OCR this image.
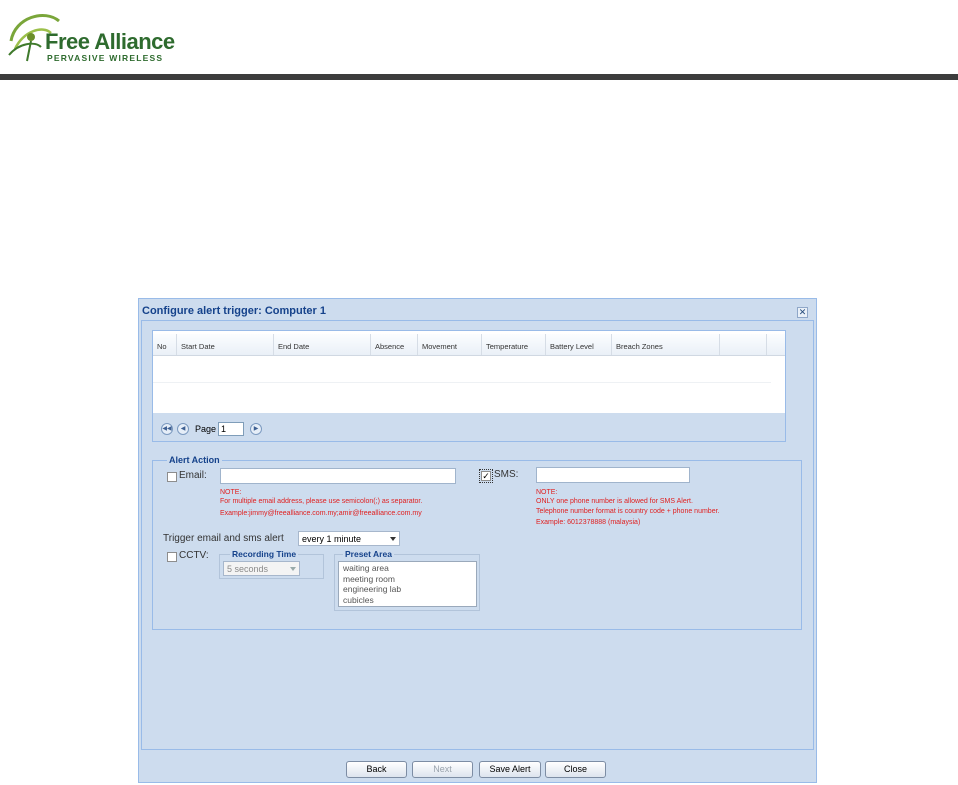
Free Alliance
PERVASIVE WIRELESS
Configure alert trigger: Computer 1	✕
No	Start Date	End Date	Absence	Movement	Temperature	Battery Level	Breach Zones
◀◀	◀	Page 1	▶
Alert Action
Email:
NOTE:
For multiple email address, please use semicolon(;) as separator.
Example:jimmy@freealliance.com.my;amir@freealliance.com.my
✓ SMS:
NOTE:
ONLY one phone number is allowed for SMS Alert.
Telephone number format is country code + phone number.
Example: 6012378888 (malaysia)
Trigger email and sms alert	every 1 minute
CCTV:	Recording Time
5 seconds
Preset Area
waiting area
meeting room
engineering lab
cubicles
Back	Next	Save Alert	Close
